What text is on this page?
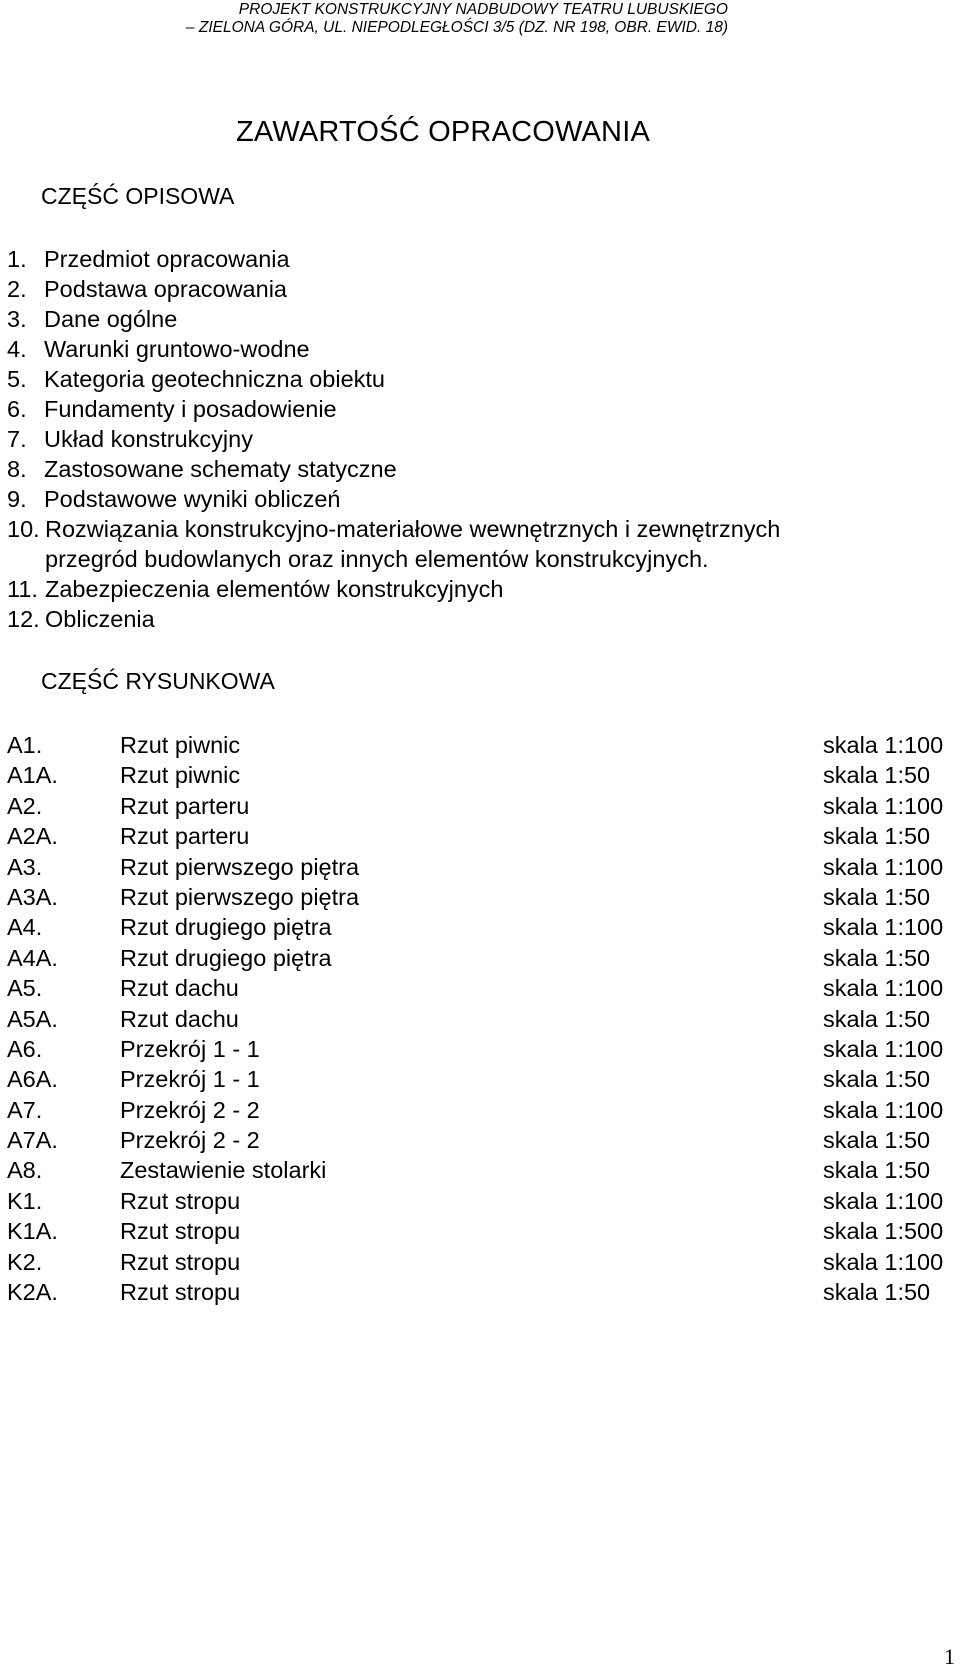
PROJEKT KONSTRUKCYJNY NADBUDOWY TEATRU LUBUSKIEGO
– ZIELONA GÓRA, UL. NIEPODLEGŁOŚCI 3/5 (DZ. NR 198, OBR. EWID. 18)
ZAWARTOŚĆ OPRACOWANIA
CZĘŚĆ OPISOWA
1. Przedmiot opracowania
2. Podstawa opracowania
3. Dane ogólne
4. Warunki gruntowo-wodne
5. Kategoria geotechniczna obiektu
6. Fundamenty i posadowienie
7. Układ konstrukcyjny
8. Zastosowane schematy statyczne
9. Podstawowe wyniki obliczeń
10. Rozwiązania konstrukcyjno-materiałowe wewnętrznych i zewnętrznych
przegród budowlanych oraz innych elementów konstrukcyjnych.
11. Zabezpieczenia elementów konstrukcyjnych
12. Obliczenia
CZĘŚĆ RYSUNKOWA
A1.	Rzut piwnic	skala 1:100
A1A.	Rzut piwnic	skala 1:50
A2.	Rzut parteru	skala 1:100
A2A.	Rzut parteru	skala 1:50
A3.	Rzut pierwszego piętra	skala 1:100
A3A.	Rzut pierwszego piętra	skala 1:50
A4.	Rzut drugiego piętra	skala 1:100
A4A.	Rzut drugiego piętra	skala 1:50
A5.	Rzut dachu	skala 1:100
A5A.	Rzut dachu	skala 1:50
A6.	Przekrój 1 - 1	skala 1:100
A6A.	Przekrój 1 - 1	skala 1:50
A7.	Przekrój 2 - 2	skala 1:100
A7A.	Przekrój 2 - 2	skala 1:50
A8.	Zestawienie stolarki	skala 1:50
K1.	Rzut stropu	skala 1:100
K1A.	Rzut stropu	skala 1:500
K2.	Rzut stropu	skala 1:100
K2A.	Rzut stropu	skala 1:50
1
